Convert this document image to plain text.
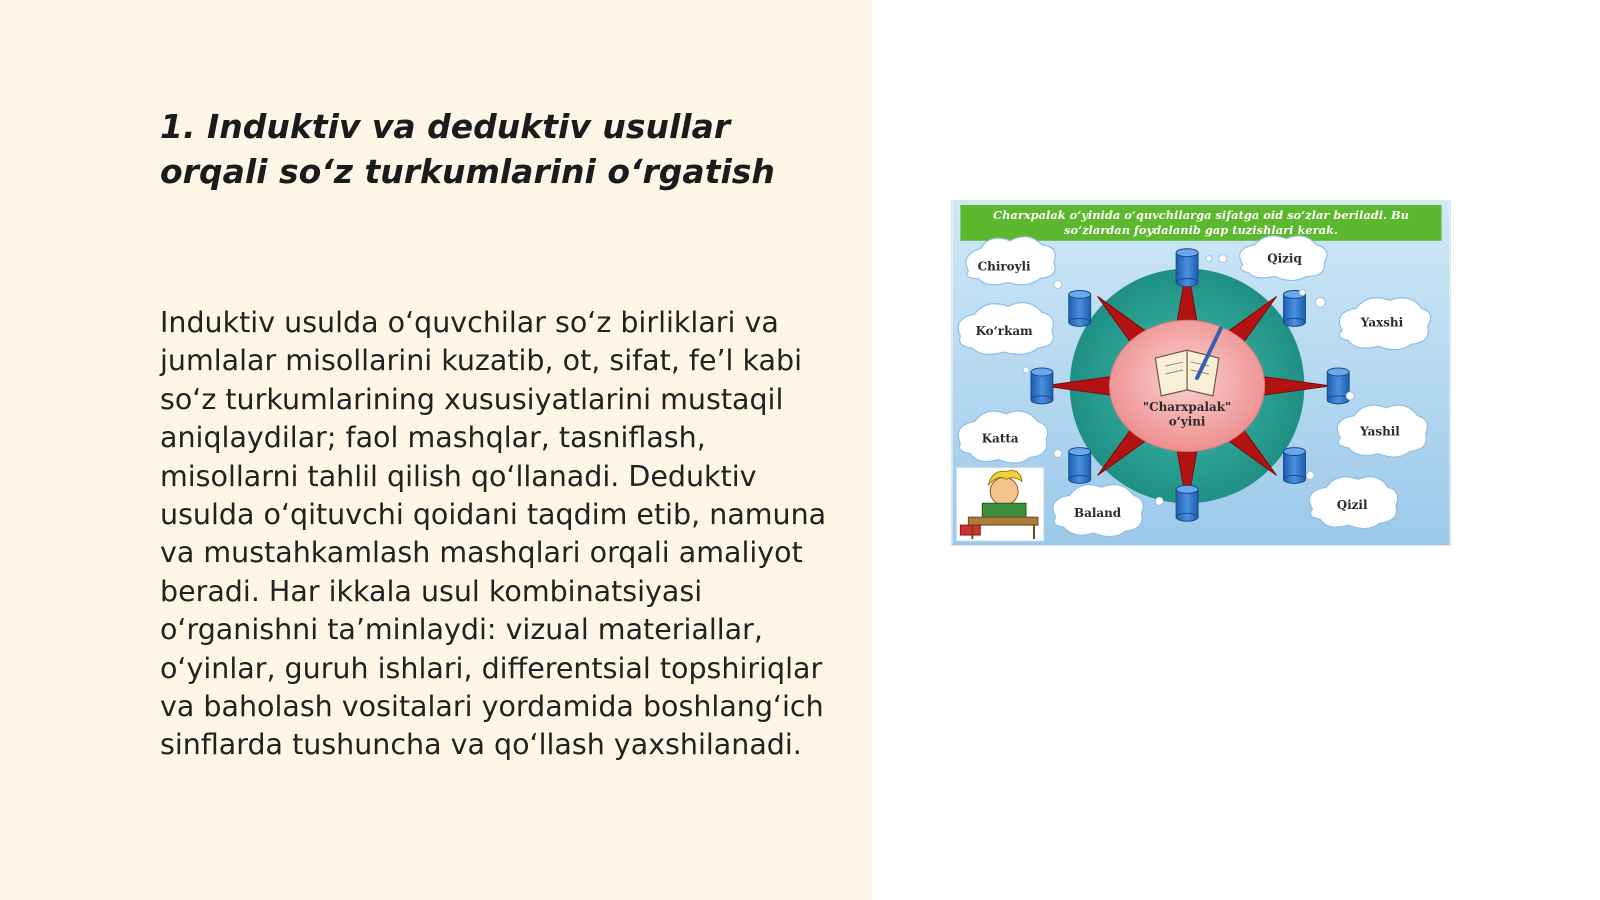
1. Induktiv va deduktiv usullar orqali so‘z turkumlarini o‘rgatish

Induktiv usulda o‘quvchilar so‘z birliklari va jumlalar misollarini kuzatib, ot, sifat, fe’l kabi so‘z turkumlarining xususiyatlarini mustaqil aniqlaydilar; faol mashqlar, tasniflash, misollarni tahlil qilish qo‘llanadi. Deduktiv usulda o‘qituvchi qoidani taqdim etib, namuna va mustahkamlash mashqlari orqali amaliyot beradi. Har ikkala usul kombinatsiyasi o‘rganishni ta’minlaydi: vizual materiallar, o‘yinlar, guruh ishlari, differentsial topshiriqlar va baholash vositalari yordamida boshlang‘ich sinflarda tushuncha va qo‘llash yaxshilanadi.

Charxpalak o‘yinida o‘quvchilarga sifatga oid so‘zlar beriladi. Bu
so‘zlardan foydalanib gap tuzishlari kerak.
"Charxpalak"
o‘yini
Chiroyli
Qiziq
Ko‘rkam
Yaxshi
Katta	Yashil
Baland
Qizil
